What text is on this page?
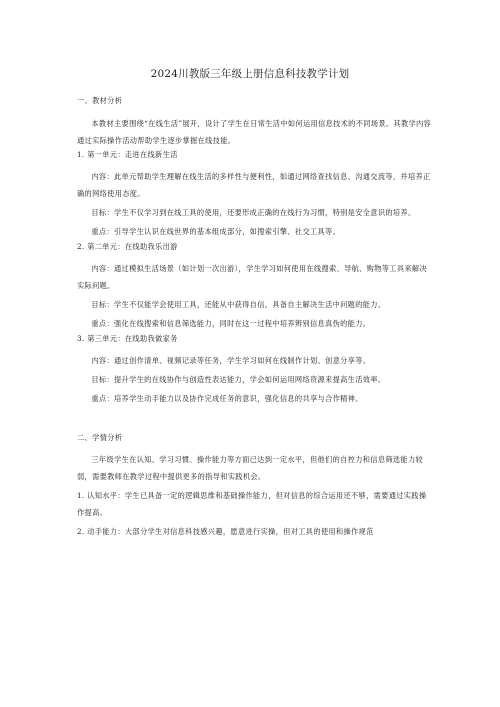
2024川教版三年级上册信息科技教学计划
一、教材分析
本教材主要围绕“在线生活”展开，设计了学生在日常生活中如何运用信息技术的不同场景。其教学内容通过实际操作活动帮助学生逐步掌握在线技能。
1. 第一单元：走进在线新生活
内容：此单元帮助学生理解在线生活的多样性与便利性，如通过网络查找信息、沟通交流等，并培养正确的网络使用态度。
目标：学生不仅学习到在线工具的使用，还要形成正确的在线行为习惯，特别是安全意识的培养。
重点：引导学生认识在线世界的基本组成部分，如搜索引擎、社交工具等。
2. 第二单元：在线助我乐出游
内容：通过模拟生活场景（如计划一次出游），学生学习如何使用在线搜索、导航、购物等工具来解决实际问题。
目标：学生不仅能学会使用工具，还能从中获得自信，具备自主解决生活中问题的能力。
重点：强化在线搜索和信息筛选能力，同时在这一过程中培养辨别信息真伪的能力。
3. 第三单元：在线助我做家务
内容：通过创作清单、视频记录等任务，学生学习如何在线制作计划、创意分享等。
目标：提升学生的在线协作与创造性表达能力，学会如何运用网络资源来提高生活效率。
重点：培养学生动手能力以及协作完成任务的意识，强化信息的共享与合作精神。
二、学情分析
三年级学生在认知、学习习惯、操作能力等方面已达到一定水平，但他们的自控力和信息筛选能力较弱，需要教师在教学过程中提供更多的指导和实践机会。
1. 认知水平：学生已具备一定的逻辑思维和基础操作能力，但对信息的综合运用还不够，需要通过实践操作提高。
2. 动手能力：大部分学生对信息科技感兴趣，愿意进行实操，但对工具的使用和操作规范
